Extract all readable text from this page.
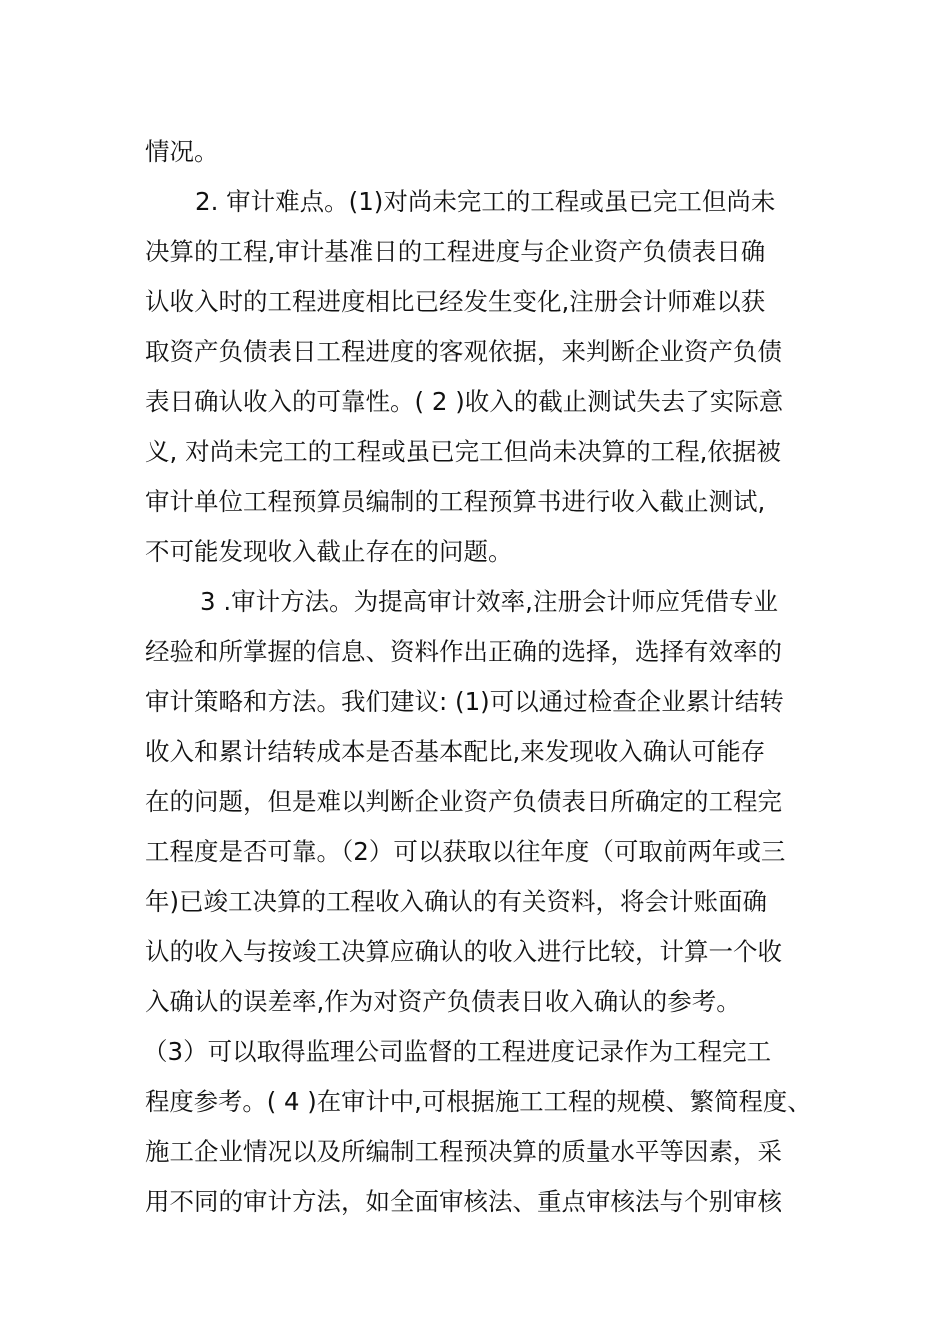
情况。
2. 审计难点。(1)对尚未完工的工程或虽已完工但尚未
决算的工程,审计基准日的工程进度与企业资产负债表日确
认收入时的工程进度相比已经发生变化,注册会计师难以获
取资产负债表日工程进度的客观依据，来判断企业资产负债
表日确认收入的可靠性。( 2 )收入的截止测试失去了实际意
义, 对尚未完工的工程或虽已完工但尚未决算的工程,依据被
审计单位工程预算员编制的工程预算书进行收入截止测试,
不可能发现收入截止存在的问题。
3 .审计方法。为提高审计效率,注册会计师应凭借专业
经验和所掌握的信息、资料作出正确的选择，选择有效率的
审计策略和方法。我们建议: (1)可以通过检查企业累计结转
收入和累计结转成本是否基本配比,来发现收入确认可能存
在的问题，但是难以判断企业资产负债表日所确定的工程完
工程度是否可靠。（2）可以获取以往年度（可取前两年或三
年)已竣工决算的工程收入确认的有关资料，将会计账面确
认的收入与按竣工决算应确认的收入进行比较，计算一个收
入确认的误差率,作为对资产负债表日收入确认的参考。
（3）可以取得监理公司监督的工程进度记录作为工程完工
程度参考。( 4 )在审计中,可根据施工工程的规模、繁简程度、
施工企业情况以及所编制工程预决算的质量水平等因素，采
用不同的审计方法，如全面审核法、重点审核法与个别审核
